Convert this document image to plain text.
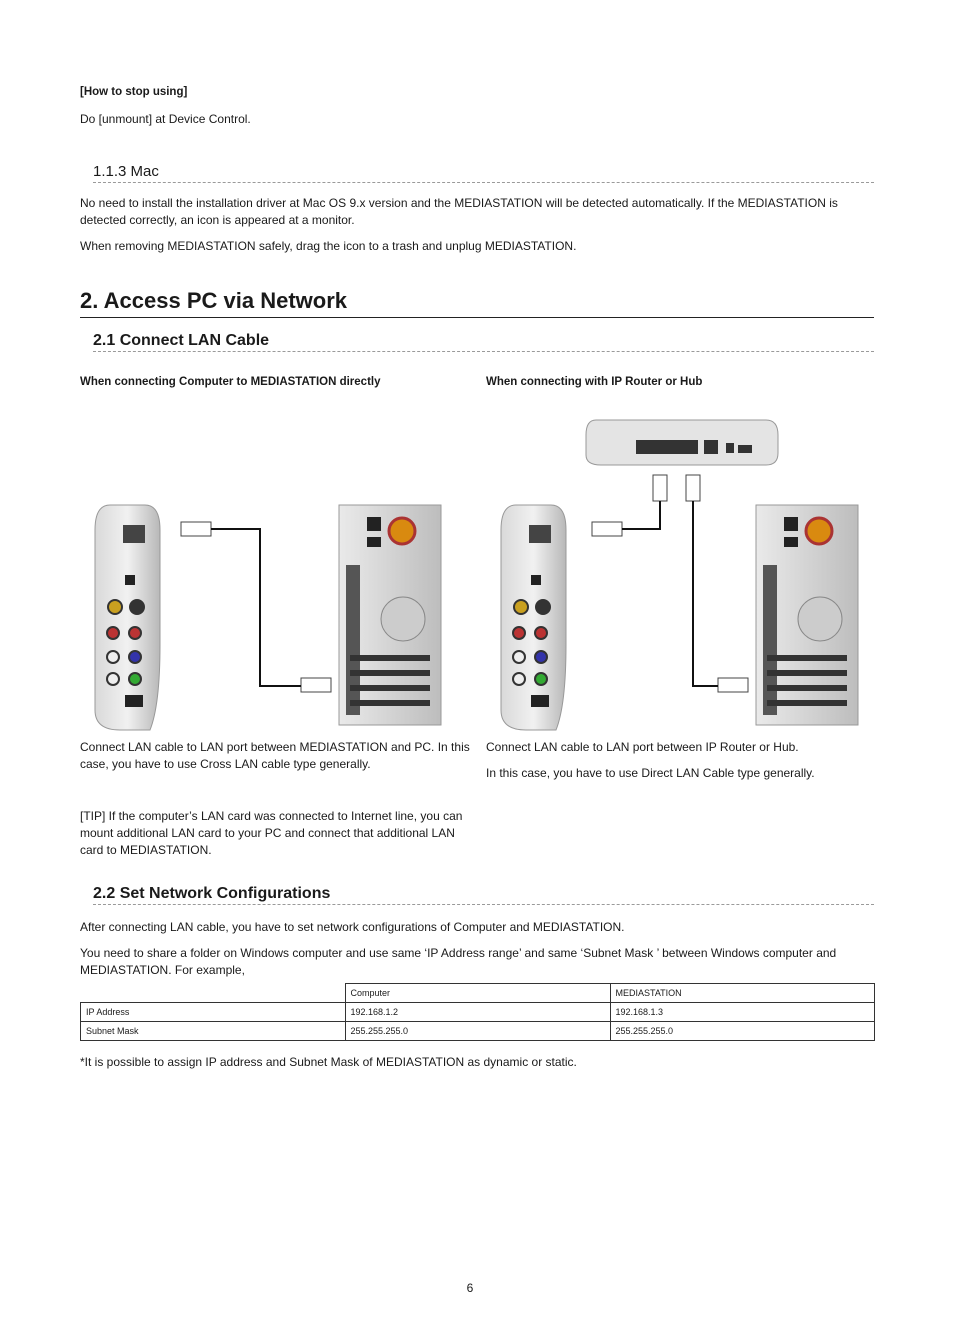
[How to stop using]
Do [unmount] at Device Control.
1.1.3 Mac

No need to install the installation driver at Mac OS 9.x version and the MEDIASTATION will be detected automatically. If the MEDIASTATION is detected correctly, an icon is appeared at a monitor.

When removing MEDIASTATION safely, drag the icon to a trash and unplug MEDIASTATION.

2. Access PC via Network
2.1 Connect LAN Cable
When connecting Computer to MEDIASTATION directly	When connecting with IP Router or Hub

Connect LAN cable to LAN port between MEDIASTATION and PC. In this case, you have to use Cross LAN cable type generally.

[TIP] If the computer’s LAN card was connected to Internet line, you can mount additional LAN card to your PC and connect that additional LAN card to MEDIASTATION.

Connect LAN cable to LAN port between IP Router or Hub.

In this case, you have to use Direct LAN Cable type generally.

2.2 Set Network Configurations

After connecting LAN cable, you have to set network configurations of Computer and MEDIASTATION.

You need to share a folder on Windows computer and use same ‘IP Address range’ and same ‘Subnet Mask ’ between Windows computer and MEDIASTATION. For example,

	Computer	MEDIASTATION
IP Address	192.168.1.2	192.168.1.3
Subnet Mask	255.255.255.0	255.255.255.0

*It is possible to assign IP address and Subnet Mask of MEDIASTATION as dynamic or static.

6
